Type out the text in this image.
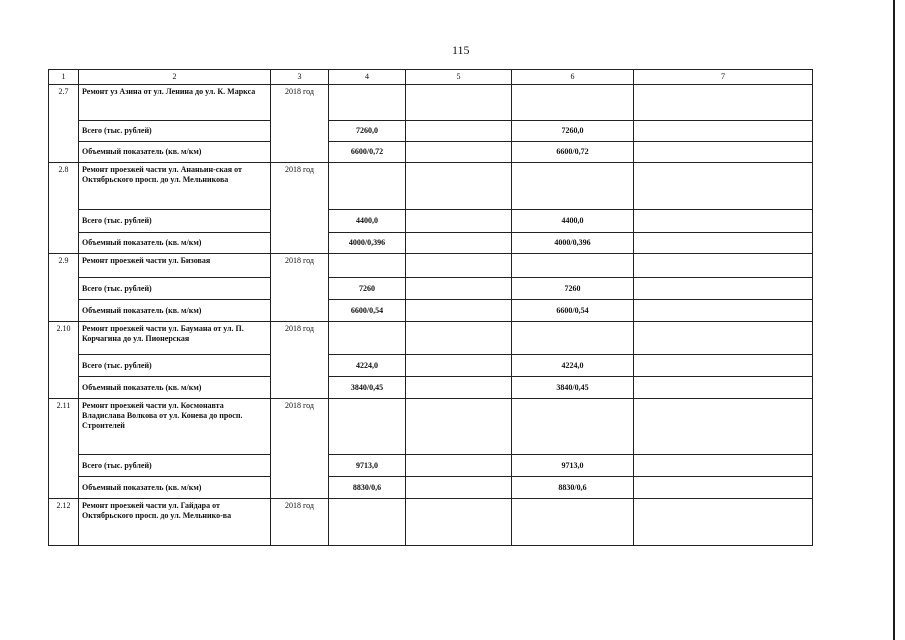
115
1	2	3	4	5	6	7
2.7	Ремонт уз Азина от ул. Ленина до ул. К. Маркса	2018 год				
	Всего (тыс. рублей)		7260,0		7260,0	
	Объемный показатель (кв. м/км)		6600/0,72		6600/0,72	
2.8	Ремонт проезжей части ул. Ананьин-ская от Октябрьского просп. до ул. Мельникова	2018 год				
	Всего (тыс. рублей)		4400,0		4400,0	
	Объемный показатель (кв. м/км)		4000/0,396		4000/0,396	
2.9	Ремонт проезжей части ул. Бизовая	2018 год				
	Всего (тыс. рублей)		7260		7260	
	Объемный показатель (кв. м/км)		6600/0,54		6600/0,54	
2.10	Ремонт проезжей части ул. Баумана от ул. П. Корчагина до ул. Пионерская	2018 год				
	Всего (тыс. рублей)		4224,0		4224,0	
	Объемный показатель (кв. м/км)		3840/0,45		3840/0,45	
2.11	Ремонт проезжей части ул. Космонавта Владислава Волкова от ул. Конева до просп. Строителей	2018 год				
	Всего (тыс. рублей)		9713,0		9713,0	
	Объемный показатель (кв. м/км)		8830/0,6		8830/0,6	
2.12	Ремонт проезжей части ул. Гайдара от Октябрьского просп. до ул. Мельнико-ва	2018 год				
